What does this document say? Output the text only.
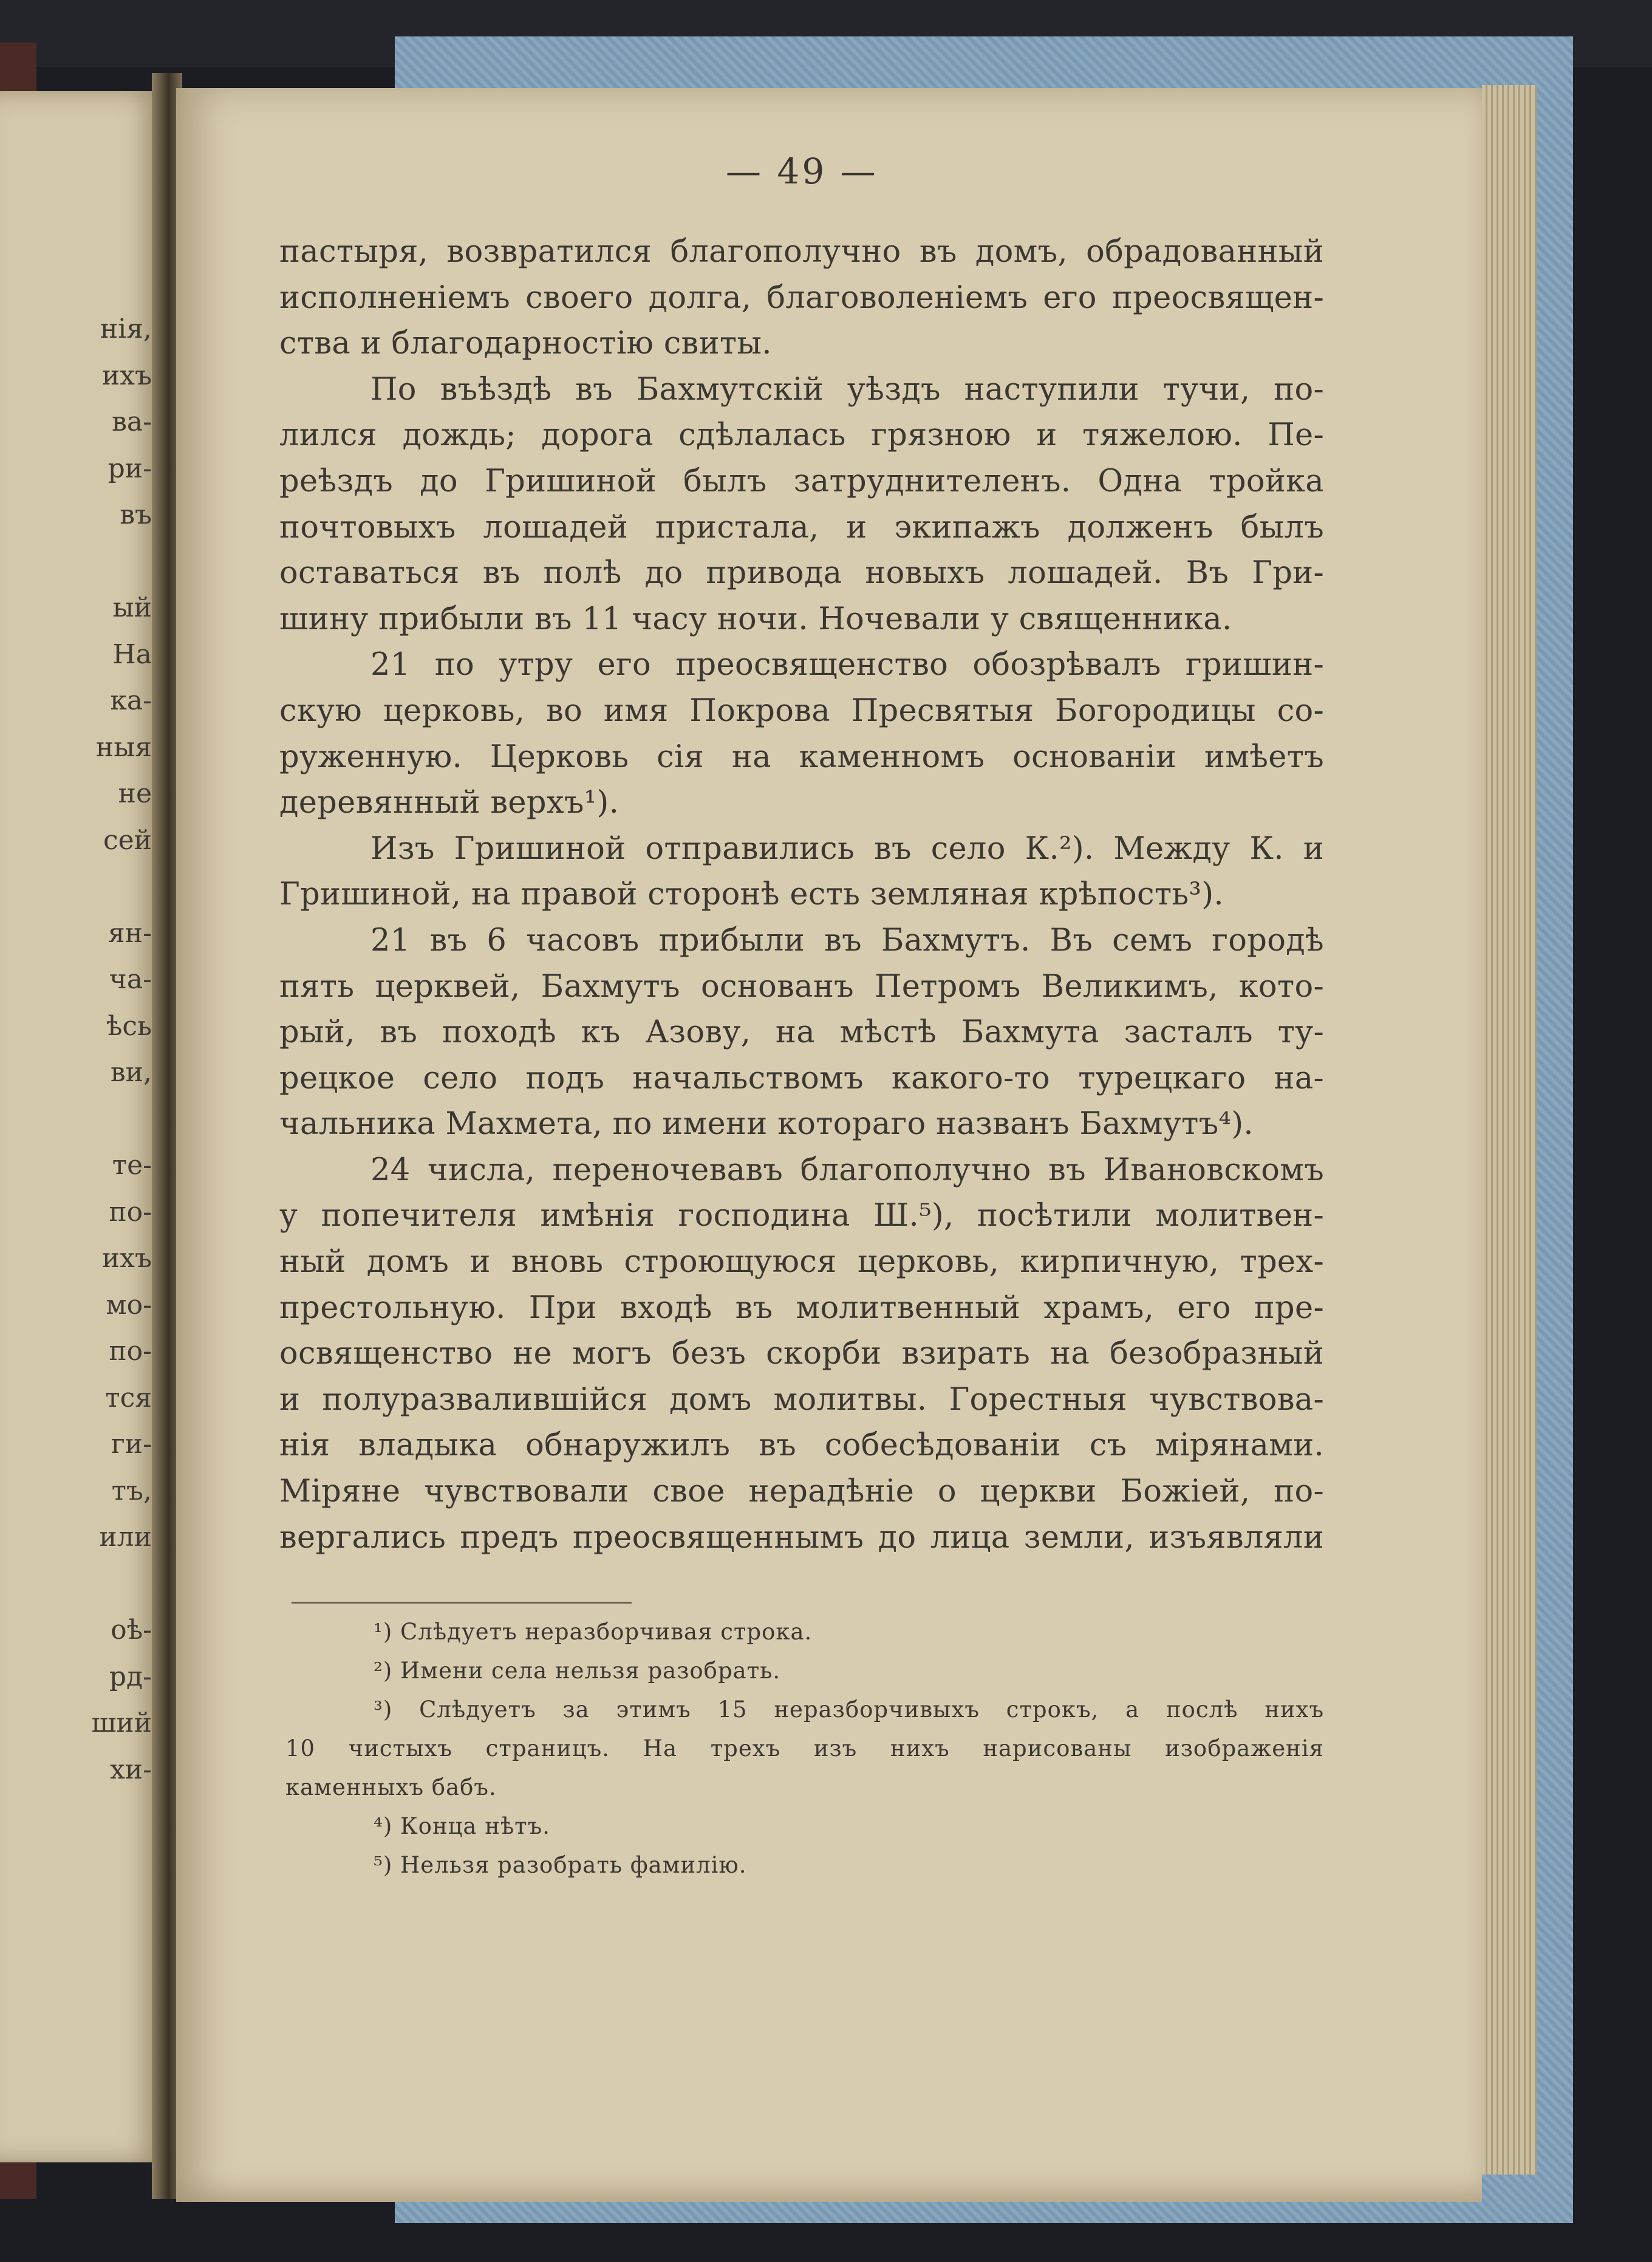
нія,
ихъ
ва-
ри-
въ
ый
На
ка-
ныя
не
сей
ян-
ча-
ѣсь
ви,
те-
по-
ихъ
мо-
по-
тся
ги-
тъ,
или
оѣ-
рд-
ший
хи-
— 49 —
пастыря, возвратился благополучно въ домъ, обрадованный
исполненіемъ своего долга, благоволеніемъ его преосвящен-
ства и благодарностію свиты.
По въѣздѣ въ Бахмутскій уѣздъ наступили тучи, по-
лился дождь; дорога сдѣлалась грязною и тяжелою. Пе-
реѣздъ до Гришиной былъ затруднителенъ. Одна тройка
почтовыхъ лошадей пристала, и экипажъ долженъ былъ
оставаться въ полѣ до привода новыхъ лошадей. Въ Гри-
шину прибыли въ 11 часу ночи. Ночевали у священника.
21 по утру его преосвященство обозрѣвалъ гришин-
скую церковь, во имя Покрова Пресвятыя Богородицы со-
руженную. Церковь сія на каменномъ основаніи имѣетъ
деревянный верхъ¹).
Изъ Гришиной отправились въ село К.²). Между К. и
Гришиной, на правой сторонѣ есть земляная крѣпость³).
21 въ 6 часовъ прибыли въ Бахмутъ. Въ семъ городѣ
пять церквей, Бахмутъ основанъ Петромъ Великимъ, кото-
рый, въ походѣ къ Азову, на мѣстѣ Бахмута засталъ ту-
рецкое село подъ начальствомъ какого-то турецкаго на-
чальника Махмета, по имени котораго названъ Бахмутъ⁴).
24 числа, переночевавъ благополучно въ Ивановскомъ
у попечителя имѣнія господина Ш.⁵), посѣтили молитвен-
ный домъ и вновь строющуюся церковь, кирпичную, трех-
престольную. При входѣ въ молитвенный храмъ, его пре-
освященство не могъ безъ скорби взирать на безобразный
и полуразвалившійся домъ молитвы. Горестныя чувствова-
нія владыка обнаружилъ въ собесѣдованіи съ мірянами.
Міряне чувствовали свое нерадѣніе о церкви Божіей, по-
вергались предъ преосвященнымъ до лица земли, изъявляли
¹) Слѣдуетъ неразборчивая строка.
²) Имени села нельзя разобрать.
³) Слѣдуетъ за этимъ 15 неразборчивыхъ строкъ, а послѣ нихъ
10 чистыхъ страницъ. На трехъ изъ нихъ нарисованы изображенія
каменныхъ бабъ.
⁴) Конца нѣтъ.
⁵) Нельзя разобрать фамилію.
